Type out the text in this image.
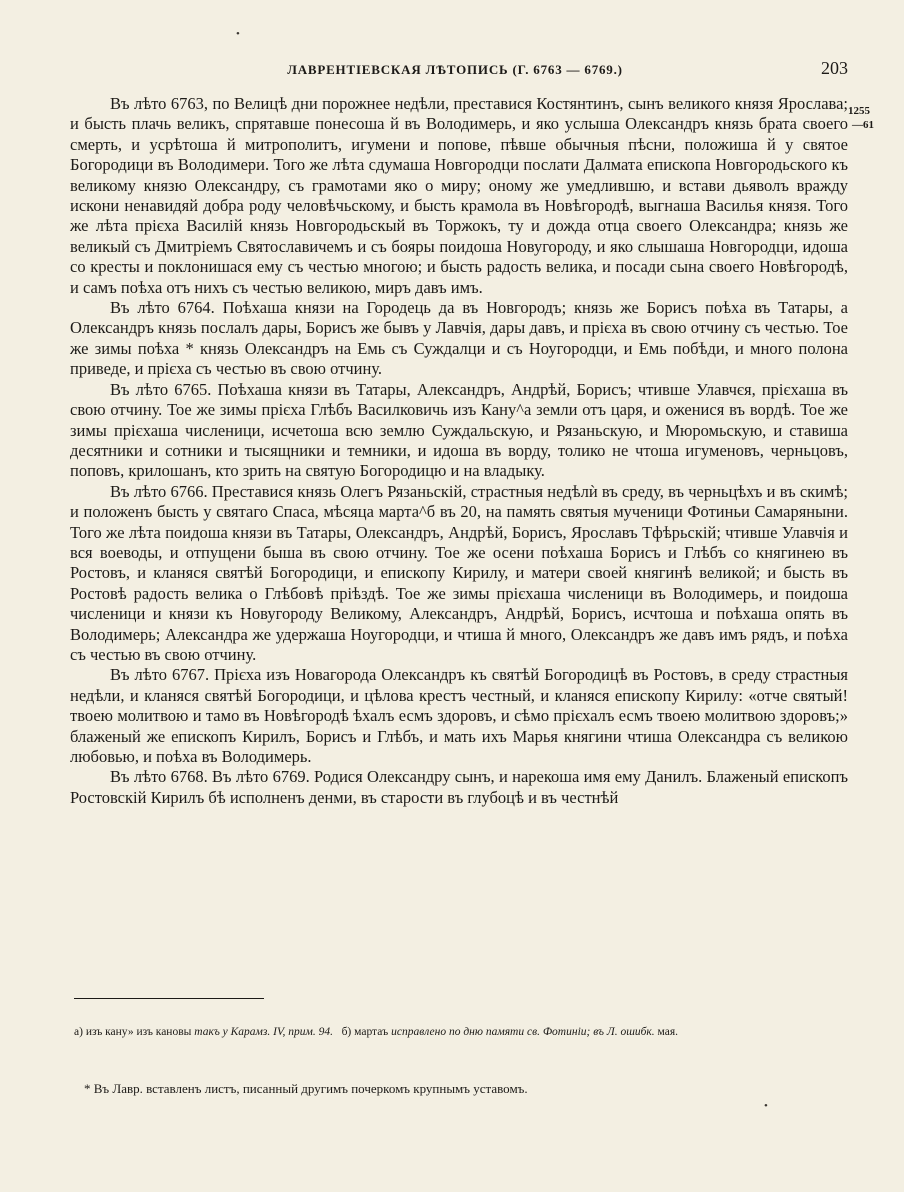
ЛАВРЕНТІЕВСКАЯ ЛѢТОПИСЬ (Г. 6763 — 6769.)	203
1255
—61

Въ лѣто 6763, по Велицѣ дни порожнее недѣли, преставися Костянтинъ, сынъ великого князя Ярослава; и бысть плачь великъ, спрятавше понесоша й въ Володимерь, и яко услыша Олександръ князь брата своего смерть, и усрѣтоша й митрополитъ, игумени и попове, пѣвше обычныя пѣсни, положиша й у святое Богородици въ Володимери. Того же лѣта сдумаша Новгородци послати Далмата епископа Новгородьского къ великому князю Олександру, съ грамотами яко о миру; оному же умедлившю, и встави дьяволъ вражду искони ненавидяй добра роду человѣчьскому, и бысть крамола въ Новѣгородѣ, выгнаша Василья князя. Того же лѣта прієха Василій князь Новгородьскый въ Торжокъ, ту и дожда отца своего Олександра; князь же великый съ Дмитріемъ Святославичемъ и съ бояры поидоша Новугороду, и яко слышаша Новгородци, идоша со кресты и поклонишася ему съ честью многою; и бысть радость велика, и посади сына своего Новѣгородѣ, и самъ поѣха отъ нихъ съ честью великою, миръ давъ имъ.

Въ лѣто 6764. Поѣхаша князи на Городець да въ Новгородъ; князь же Борисъ поѣха въ Татары, а Олександръ князь послалъ дары, Борисъ же бывъ у Лавчія, дары давъ, и прієха въ свою отчину съ честью. Тое же зимы поѣха * князь Олександръ на Емь съ Суждалци и съ Ноугородци, и Емь побѣди, и много полона приведе, и прієха съ честью въ свою отчину.

Въ лѣто 6765. Поѣхаша князи въ Татары, Александръ, Андрѣй, Борисъ; чтивше Улавчєя, прієхаша въ свою отчину. Тое же зимы прієха Глѣбъ Василковичь изъ Кану^а земли отъ царя, и оженися въ вордѣ. Тое же зимы прієхаша численици, исчетоша всю землю Суждальскую, и Рязаньскую, и Мюромьскую, и ставиша десятники и сотники и тысящники и темники, и идоша въ ворду, толико не чтоша игуменовъ, черньцовъ, поповъ, крилошанъ, кто зрить на святую Богородицю и на владыку.

Въ лѣто 6766. Преставися князь Олегъ Рязаньскій, страстныя недѣлѝ въ среду, въ черньцѣхъ и въ скимѣ; и положенъ бысть у святаго Спаса, мѣсяца марта^б въ 20, на память святыя мученици Фотиньи Самаряныни. Того же лѣта поидоша князи въ Татары, Олександръ, Андрѣй, Борисъ, Ярославъ Тфѣрьскій; чтивше Улавчія и вся воеводы, и отпущени быша въ свою отчину. Тое же осени поѣхаша Борисъ и Глѣбъ со княгинею въ Ростовъ, и кланяся святѣй Богородици, и епископу Кирилу, и матери своей княгинѣ великой; и бысть въ Ростовѣ радость велика о Глѣбовѣ пріѣздѣ. Тое же зимы прієхаша численици въ Володимерь, и поидоша численици и князи къ Новугороду Великому, Александръ, Андрѣй, Борисъ, исчтоша и поѣхаша опять въ Володимерь; Александра же удержаша Ноугородци, и чтиша й много, Олександръ же давъ имъ рядъ, и поѣха съ честью въ свою отчину.

Въ лѣто 6767. Прієха изъ Новагорода Олександръ къ святѣй Богородицѣ въ Ростовъ, в среду страстныя недѣли, и кланяся святѣй Богородици, и цѣлова крестъ честный, и кланяся епископу Кирилу: «отче святый! твоею молитвою и тамо въ Новѣгородѣ ѣхалъ есмъ здоровъ, и сѣмо прієхалъ есмъ твоею молитвою здоровъ;» блаженый же епископъ Кирилъ, Борисъ и Глѣбъ, и мать ихъ Марья княгини чтиша Олександра съ великою любовью, и поѣха въ Володимерь.

Въ лѣто 6768. Въ лѣто 6769. Родися Олександру сынъ, и нарекоша имя ему Данилъ. Блаженый епископъ Ростовскій Кирилъ бѣ исполненъ денми, въ старости въ глубоцѣ и въ честнѣй

а) изъ кану» изъ кановы такъ у Карамз. IV, прим. 94. б) мартаъ исправлено по дню памяти св. Фотиніи; въ Л. ошибк. мая.

* Въ Лавр. вставленъ листъ, писанный другимъ почеркомъ крупнымъ уставомъ.
•
•
